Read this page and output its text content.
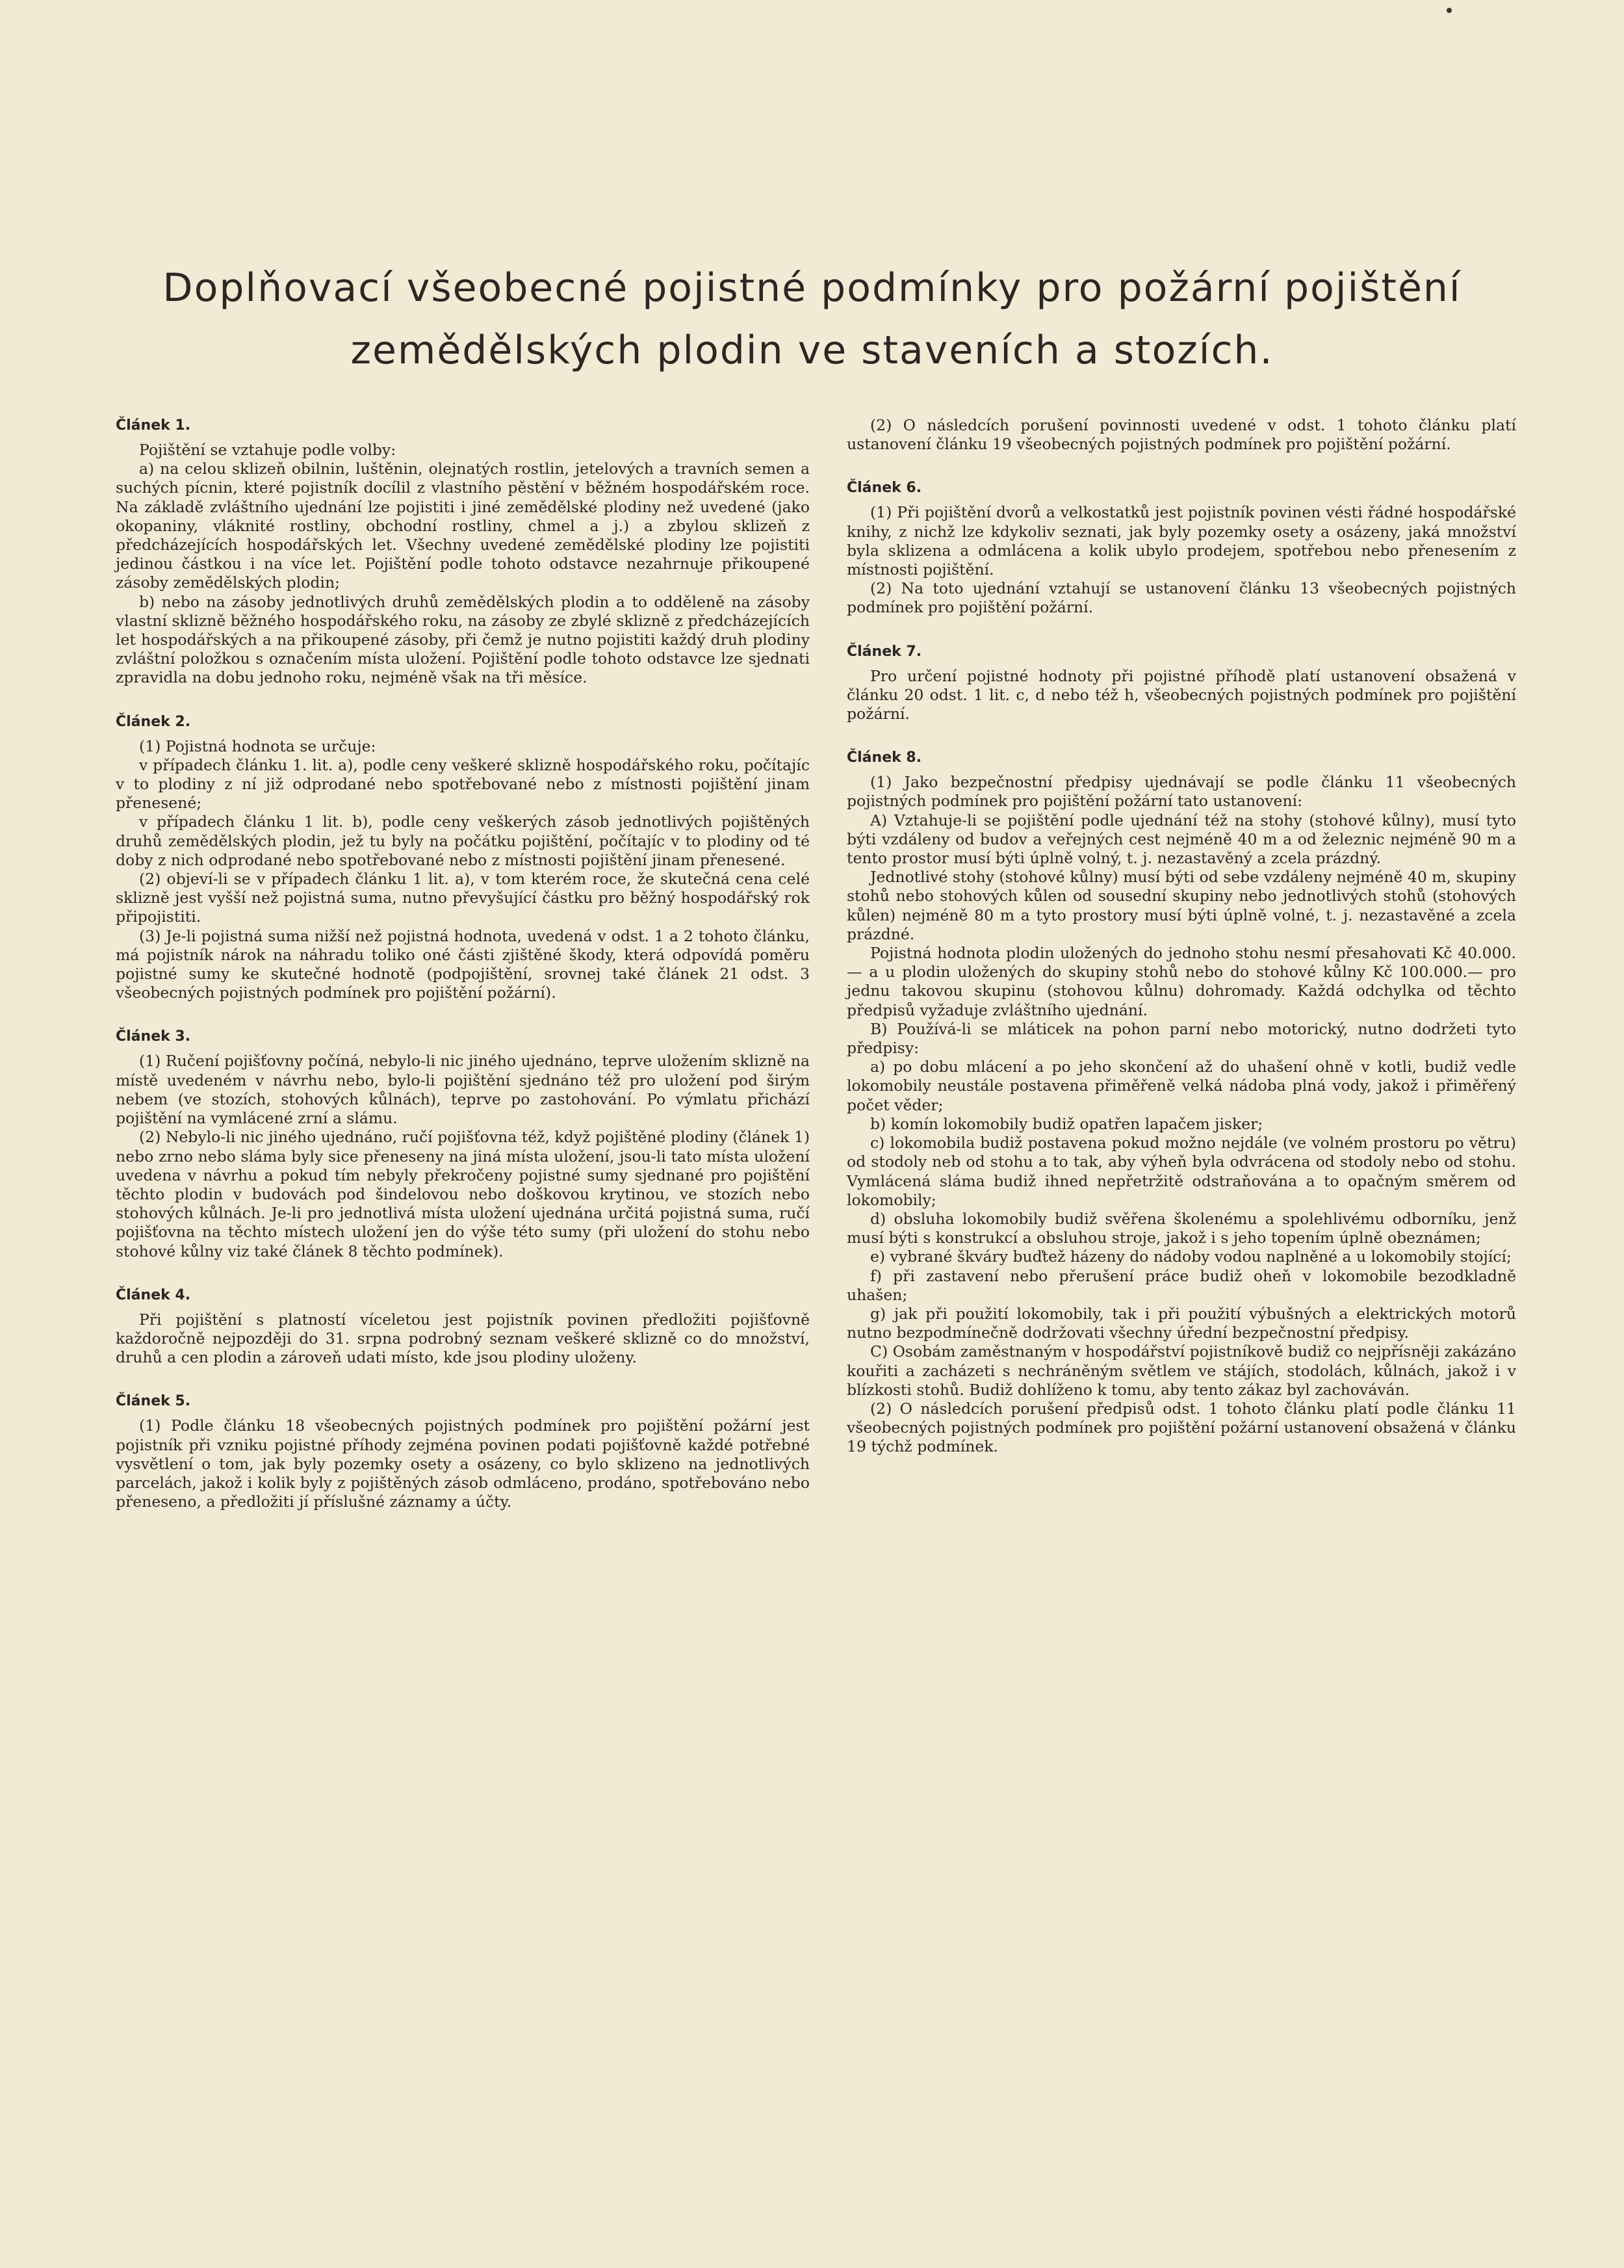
Doplňovací všeobecné pojistné podmínky pro požární pojištění
zemědělských plodin ve staveních a stozích.
Článek 1.

Pojištění se vztahuje podle volby:

a) na celou sklizeň obilnin, luštěnin, olejnatých rostlin, jetelových a travních semen a suchých pícnin, které pojistník docílil z vlastního pěstění v běžném hospodářském roce. Na základě zvláštního ujednání lze pojistiti i jiné zemědělské plodiny než uvedené (jako okopaniny, vláknité rostliny, obchodní rostliny, chmel a j.) a zbylou sklizeň z předcházejících hospodářských let. Všechny uvedené zemědělské plodiny lze pojistiti jedinou částkou i na více let. Pojištění podle tohoto odstavce nezahrnuje přikoupené zásoby zemědělských plodin;

b) nebo na zásoby jednotlivých druhů zemědělských plodin a to odděleně na zásoby vlastní sklizně běžného hospodářského roku, na zásoby ze zbylé sklizně z předcházejících let hospodářských a na přikoupené zásoby, při čemž je nutno pojistiti každý druh plodiny zvláštní položkou s označením místa uložení. Pojištění podle tohoto odstavce lze sjednati zpravidla na dobu jednoho roku, nejméně však na tři měsíce.

Článek 2.

(1) Pojistná hodnota se určuje:

v případech článku 1. lit. a), podle ceny veškeré sklizně hospodářského roku, počítajíc v to plodiny z ní již odprodané nebo spotřebované nebo z místnosti pojištění jinam přenesené;

v případech článku 1 lit. b), podle ceny veškerých zásob jednotlivých pojištěných druhů zemědělských plodin, jež tu byly na počátku pojištění, počítajíc v to plodiny od té doby z nich odprodané nebo spotřebované nebo z místnosti pojištění jinam přenesené.

(2) objeví-li se v případech článku 1 lit. a), v tom kterém roce, že skutečná cena celé sklizně jest vyšší než pojistná suma, nutno převyšující částku pro běžný hospodářský rok připojistiti.

(3) Je-li pojistná suma nižší než pojistná hodnota, uvedená v odst. 1 a 2 tohoto článku, má pojistník nárok na náhradu toliko oné části zjištěné škody, která odpovídá poměru pojistné sumy ke skutečné hodnotě (podpojištění, srovnej také článek 21 odst. 3 všeobecných pojistných podmínek pro pojištění požární).

Článek 3.

(1) Ručení pojišťovny počíná, nebylo-li nic jiného ujednáno, teprve uložením sklizně na místě uvedeném v návrhu nebo, bylo-li pojištění sjednáno též pro uložení pod širým nebem (ve stozích, stohových kůlnách), teprve po zastohování. Po výmlatu přichází pojištění na vymlácené zrní a slámu.

(2) Nebylo-li nic jiného ujednáno, ručí pojišťovna též, když pojištěné plodiny (článek 1) nebo zrno nebo sláma byly sice přeneseny na jiná místa uložení, jsou-li tato místa uložení uvedena v návrhu a pokud tím nebyly překročeny pojistné sumy sjednané pro pojištění těchto plodin v budovách pod šindelovou nebo doškovou krytinou, ve stozích nebo stohových kůlnách. Je-li pro jednotlivá místa uložení ujednána určitá pojistná suma, ručí pojišťovna na těchto místech uložení jen do výše této sumy (při uložení do stohu nebo stohové kůlny viz také článek 8 těchto podmínek).

Článek 4.

Při pojištění s platností víceletou jest pojistník povinen předložiti pojišťovně každoročně nejpozději do 31. srpna podrobný seznam veškeré sklizně co do množství, druhů a cen plodin a zároveň udati místo, kde jsou plodiny uloženy.

Článek 5.

(1) Podle článku 18 všeobecných pojistných podmínek pro pojištění požární jest pojistník při vzniku pojistné příhody zejména povinen podati pojišťovně každé potřebné vysvětlení o tom, jak byly pozemky osety a osázeny, co bylo sklizeno na jednotlivých parcelách, jakož i kolik byly z pojištěných zásob odmláceno, prodáno, spotřebováno nebo přeneseno, a předložiti jí příslušné záznamy a účty.

(2) O následcích porušení povinnosti uvedené v odst. 1 tohoto článku platí ustanovení článku 19 všeobecných pojistných podmínek pro pojištění požární.

Článek 6.

(1) Při pojištění dvorů a velkostatků jest pojistník povinen vésti řádné hospodářské knihy, z nichž lze kdykoliv seznati, jak byly pozemky osety a osázeny, jaká množství byla sklizena a odmlácena a kolik ubylo prodejem, spotřebou nebo přenesením z místnosti pojištění.

(2) Na toto ujednání vztahují se ustanovení článku 13 všeobecných pojistných podmínek pro pojištění požární.

Článek 7.

Pro určení pojistné hodnoty při pojistné příhodě platí ustanovení obsažená v článku 20 odst. 1 lit. c, d nebo též h, všeobecných pojistných podmínek pro pojištění požární.

Článek 8.

(1) Jako bezpečnostní předpisy ujednávají se podle článku 11 všeobecných pojistných podmínek pro pojištění požární tato ustanovení:

A) Vztahuje-li se pojištění podle ujednání též na stohy (stohové kůlny), musí tyto býti vzdáleny od budov a veřejných cest nejméně 40 m a od železnic nejméně 90 m a tento prostor musí býti úplně volný, t. j. nezastavěný a zcela prázdný.

Jednotlivé stohy (stohové kůlny) musí býti od sebe vzdáleny nejméně 40 m, skupiny stohů nebo stohových kůlen od sousední skupiny nebo jednotlivých stohů (stohových kůlen) nejméně 80 m a tyto prostory musí býti úplně volné, t. j. nezastavěné a zcela prázdné.

Pojistná hodnota plodin uložených do jednoho stohu nesmí přesahovati Kč 40.000.— a u plodin uložených do skupiny stohů nebo do stohové kůlny Kč 100.000.— pro jednu takovou skupinu (stohovou kůlnu) dohromady. Každá odchylka od těchto předpisů vyžaduje zvláštního ujednání.

B) Používá-li se mláticek na pohon parní nebo motorický, nutno dodržeti tyto předpisy:

a) po dobu mlácení a po jeho skončení až do uhašení ohně v kotli, budiž vedle lokomobily neustále postavena přiměřeně velká nádoba plná vody, jakož i přiměřený počet věder;

b) komín lokomobily budiž opatřen lapačem jisker;

c) lokomobila budiž postavena pokud možno nejdále (ve volném prostoru po větru) od stodoly neb od stohu a to tak, aby výheň byla odvrácena od stodoly nebo od stohu. Vymlácená sláma budiž ihned nepřetržitě odstraňována a to opačným směrem od lokomobily;

d) obsluha lokomobily budiž svěřena školenému a spolehlivému odborníku, jenž musí býti s konstrukcí a obsluhou stroje, jakož i s jeho topením úplně obeznámen;

e) vybrané škváry buďtež házeny do nádoby vodou naplněné a u lokomobily stojící;

f) při zastavení nebo přerušení práce budiž oheň v lokomobile bezodkladně uhašen;

g) jak při použití lokomobily, tak i při použití výbušných a elektrických motorů nutno bezpodmínečně dodržovati všechny úřední bezpečnostní předpisy.

C) Osobám zaměstnaným v hospodářství pojistníkově budiž co nejpřísněji zakázáno kouřiti a zacházeti s nechráněným světlem ve stájích, stodolách, kůlnách, jakož i v blízkosti stohů. Budiž dohlíženo k tomu, aby tento zákaz byl zachováván.

(2) O následcích porušení předpisů odst. 1 tohoto článku platí podle článku 11 všeobecných pojistných podmínek pro pojištění požární ustanovení obsažená v článku 19 týchž podmínek.
